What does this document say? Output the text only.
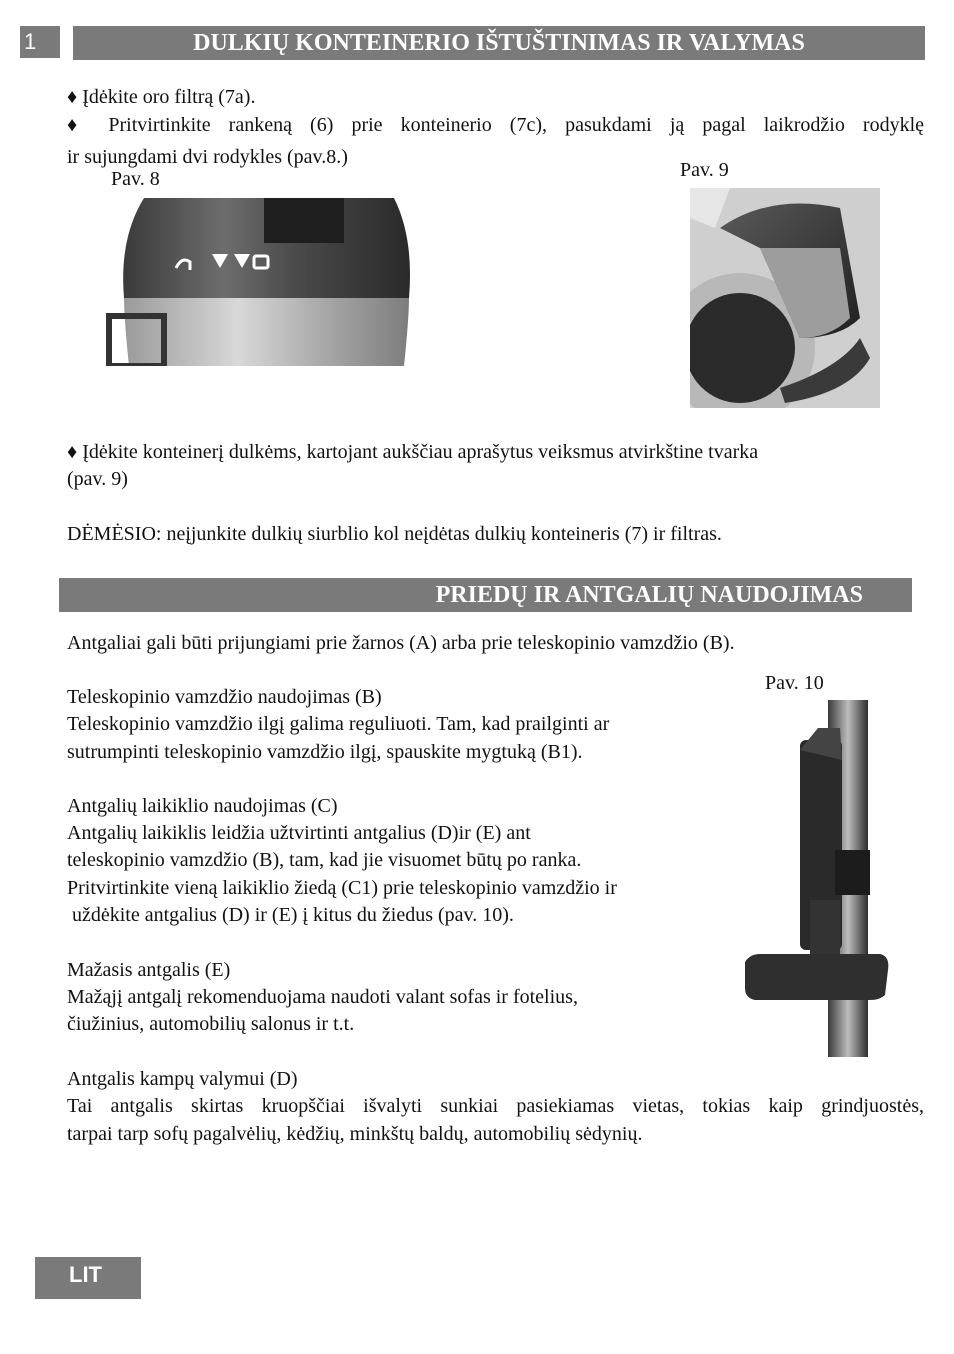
1	DULKIŲ KONTEINERIO IŠTUŠTINIMAS IR VALYMAS
♦ Įdėkite oro filtrą (7a).
♦ Pritvirtinkite rankeną (6) prie konteinerio (7c), pasukdami ją pagal laikrodžio rodyklę
ir sujungdami dvi rodykles (pav.8.)
Pav. 8	Pav. 9
♦ Įdėkite konteinerį dulkėms, kartojant aukščiau aprašytus veiksmus atvirkštine tvarka
(pav. 9)
DĖMĖSIO: neįjunkite dulkių siurblio kol neįdėtas dulkių konteineris (7) ir filtras.
PRIEDŲ IR ANTGALIŲ NAUDOJIMAS
Antgaliai gali būti prijungiami prie žarnos (A) arba prie teleskopinio vamzdžio (B).
Pav. 10
Teleskopinio vamzdžio naudojimas (B)
Teleskopinio vamzdžio ilgį galima reguliuoti. Tam, kad prailginti ar
sutrumpinti teleskopinio vamzdžio ilgį, spauskite mygtuką (B1).
Antgalių laikiklio naudojimas (C)
Antgalių laikiklis leidžia užtvirtinti antgalius (D)ir (E) ant
teleskopinio vamzdžio (B), tam, kad jie visuomet būtų po ranka.
Pritvirtinkite vieną laikiklio žiedą (C1) prie teleskopinio vamzdžio ir
uždėkite antgalius (D) ir (E) į kitus du žiedus (pav. 10).
Mažasis antgalis (E)
Mažąjį antgalį rekomenduojama naudoti valant sofas ir fotelius,
čiužinius, automobilių salonus ir t.t.
Antgalis kampų valymui (D)
Tai antgalis skirtas kruopščiai išvalyti sunkiai pasiekiamas vietas, tokias kaip grindjuostės,
tarpai tarp sofų pagalvėlių, kėdžių, minkštų baldų, automobilių sėdynių.
LIT
